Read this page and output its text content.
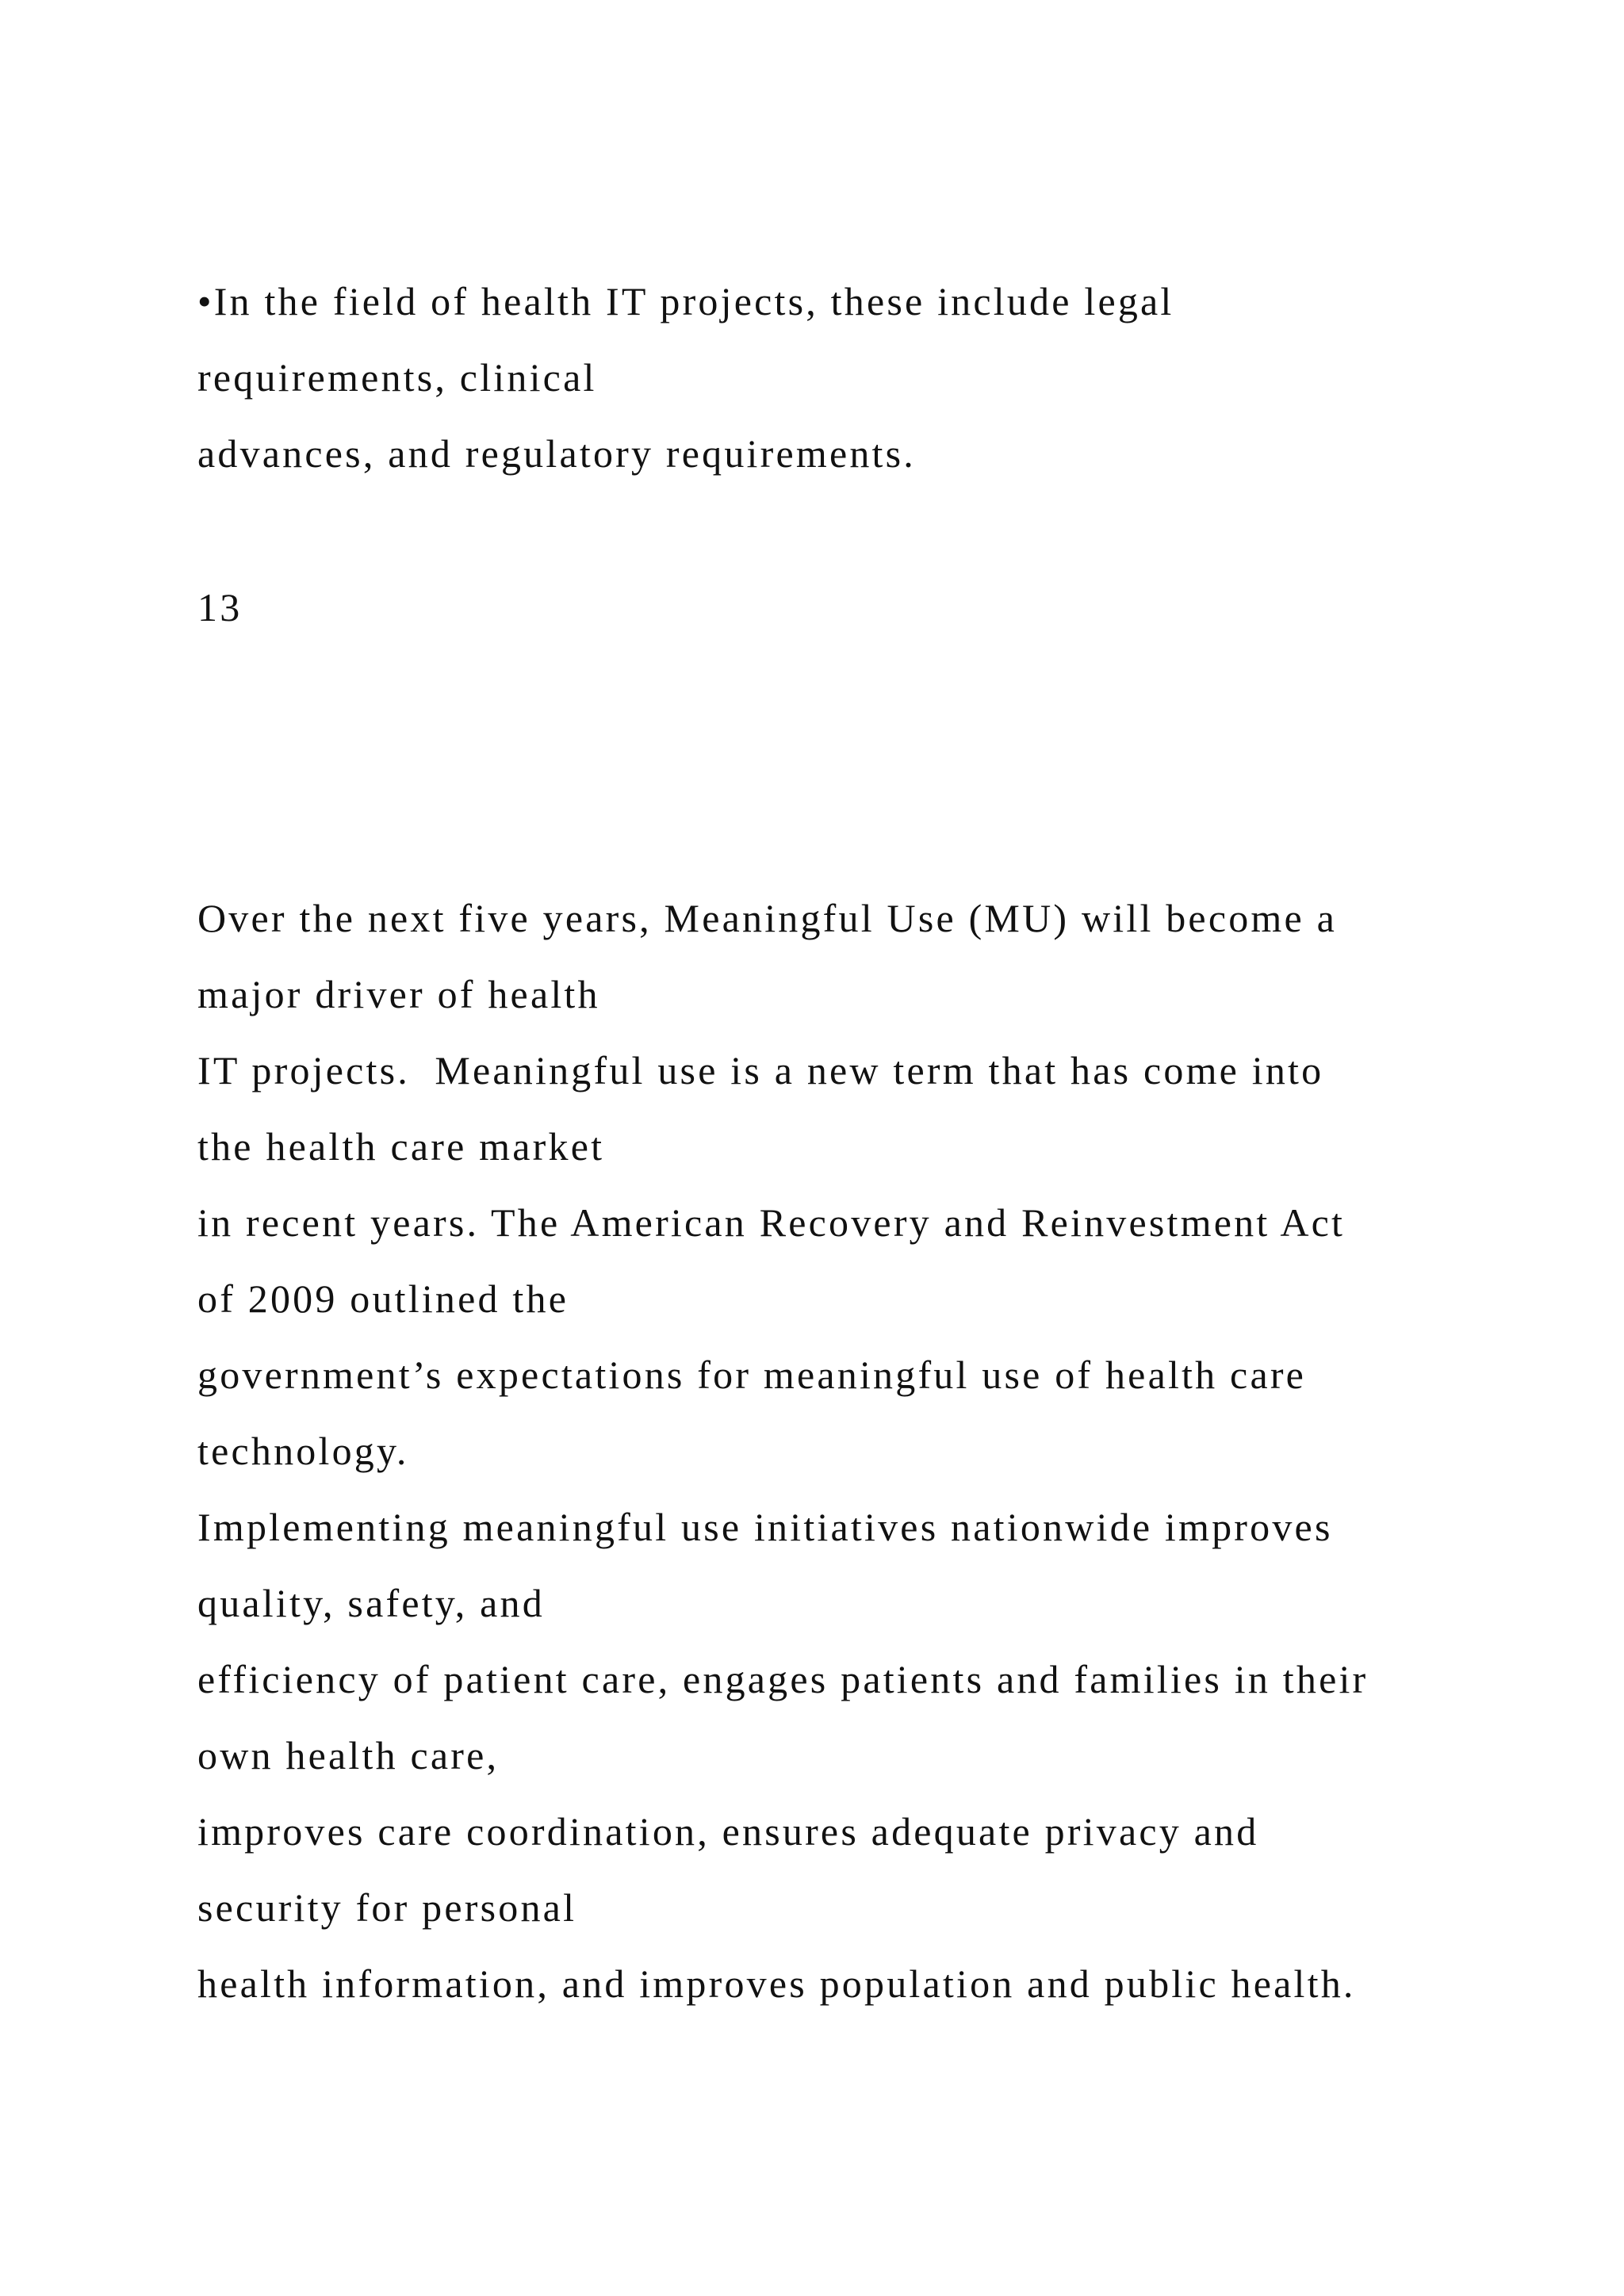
•In the field of health IT projects, these include legal
requirements, clinical
advances, and regulatory requirements.
13
Over the next five years, Meaningful Use (MU) will become a
major driver of health
IT projects.  Meaningful use is a new term that has come into
the health care market
in recent years. The American Recovery and Reinvestment Act
of 2009 outlined the
government’s expectations for meaningful use of health care
technology.
Implementing meaningful use initiatives nationwide improves
quality, safety, and
efficiency of patient care, engages patients and families in their
own health care,
improves care coordination, ensures adequate privacy and
security for personal
health information, and improves population and public health.
